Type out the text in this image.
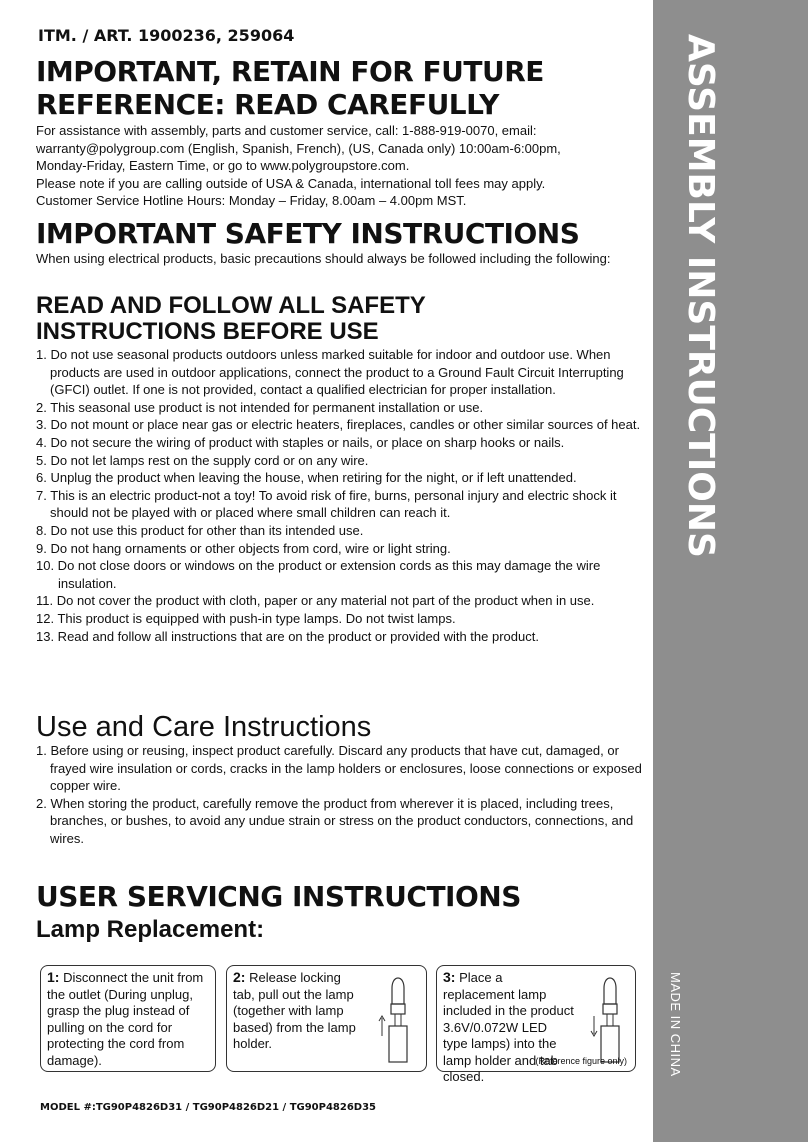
ASSEMBLY INSTRUCTIONS
MADE IN CHINA
ITM. / ART. 1900236, 259064
IMPORTANT, RETAIN FOR FUTURE
REFERENCE: READ CAREFULLY

For assistance with assembly, parts and customer service, call: 1-888-919-0070, email:

warranty@polygroup.com (English, Spanish, French), (US, Canada only) 10:00am-6:00pm,

Monday-Friday, Eastern Time, or go to www.polygroupstore.com.

Please note if you are calling outside of USA & Canada, international toll fees may apply.

Customer Service Hotline Hours: Monday – Friday, 8.00am – 4.00pm MST.

IMPORTANT SAFETY INSTRUCTIONS
When using electrical products, basic precautions should always be followed including the following:
READ AND FOLLOW ALL SAFETY
INSTRUCTIONS BEFORE USE
1. Do not use seasonal products outdoors unless marked suitable for indoor and outdoor use. When products are used in outdoor applications, connect the product to a Ground Fault Circuit Interrupting (GFCI) outlet. If one is not provided, contact a qualified electrician for proper installation.
2. This seasonal use product is not intended for permanent installation or use.
3. Do not mount or place near gas or electric heaters, fireplaces, candles or other similar sources of heat.
4. Do not secure the wiring of product with staples or nails, or place on sharp hooks or nails.
5. Do not let lamps rest on the supply cord or on any wire.
6. Unplug the product when leaving the house, when retiring for the night, or if left unattended.
7. This is an electric product-not a toy! To avoid risk of fire, burns, personal injury and electric shock it should not be played with or placed where small children can reach it.
8. Do not use this product for other than its intended use.
9. Do not hang ornaments or other objects from cord, wire or light string.
10. Do not close doors or windows on the product or extension cords as this may damage the wire insulation.
11. Do not cover the product with cloth, paper or any material not part of the product when in use.
12. This product is equipped with push-in type lamps. Do not twist lamps.
13. Read and follow all instructions that are on the product or provided with the product.
Use and Care Instructions
1. Before using or reusing, inspect product carefully. Discard any products that have cut, damaged, or frayed wire insulation or cords, cracks in the lamp holders or enclosures, loose connections or exposed copper wire.
2. When storing the product, carefully remove the product from wherever it is placed, including trees, branches, or bushes, to avoid any undue strain or stress on the product conductors, connections, and wires.
USER SERVICNG INSTRUCTIONS
Lamp Replacement:
1: Disconnect the unit from the outlet (During unplug, grasp the plug instead of pulling on the cord for protecting the cord from damage).
2: Release locking tab, pull out the lamp (together with lamp based) from the lamp holder.
3: Place a replacement lamp included in the product 3.6V/0.072W LED type lamps) into the lamp holder and tab closed.
(Reference figure only)
MODEL #:TG90P4826D31 / TG90P4826D21 / TG90P4826D35
